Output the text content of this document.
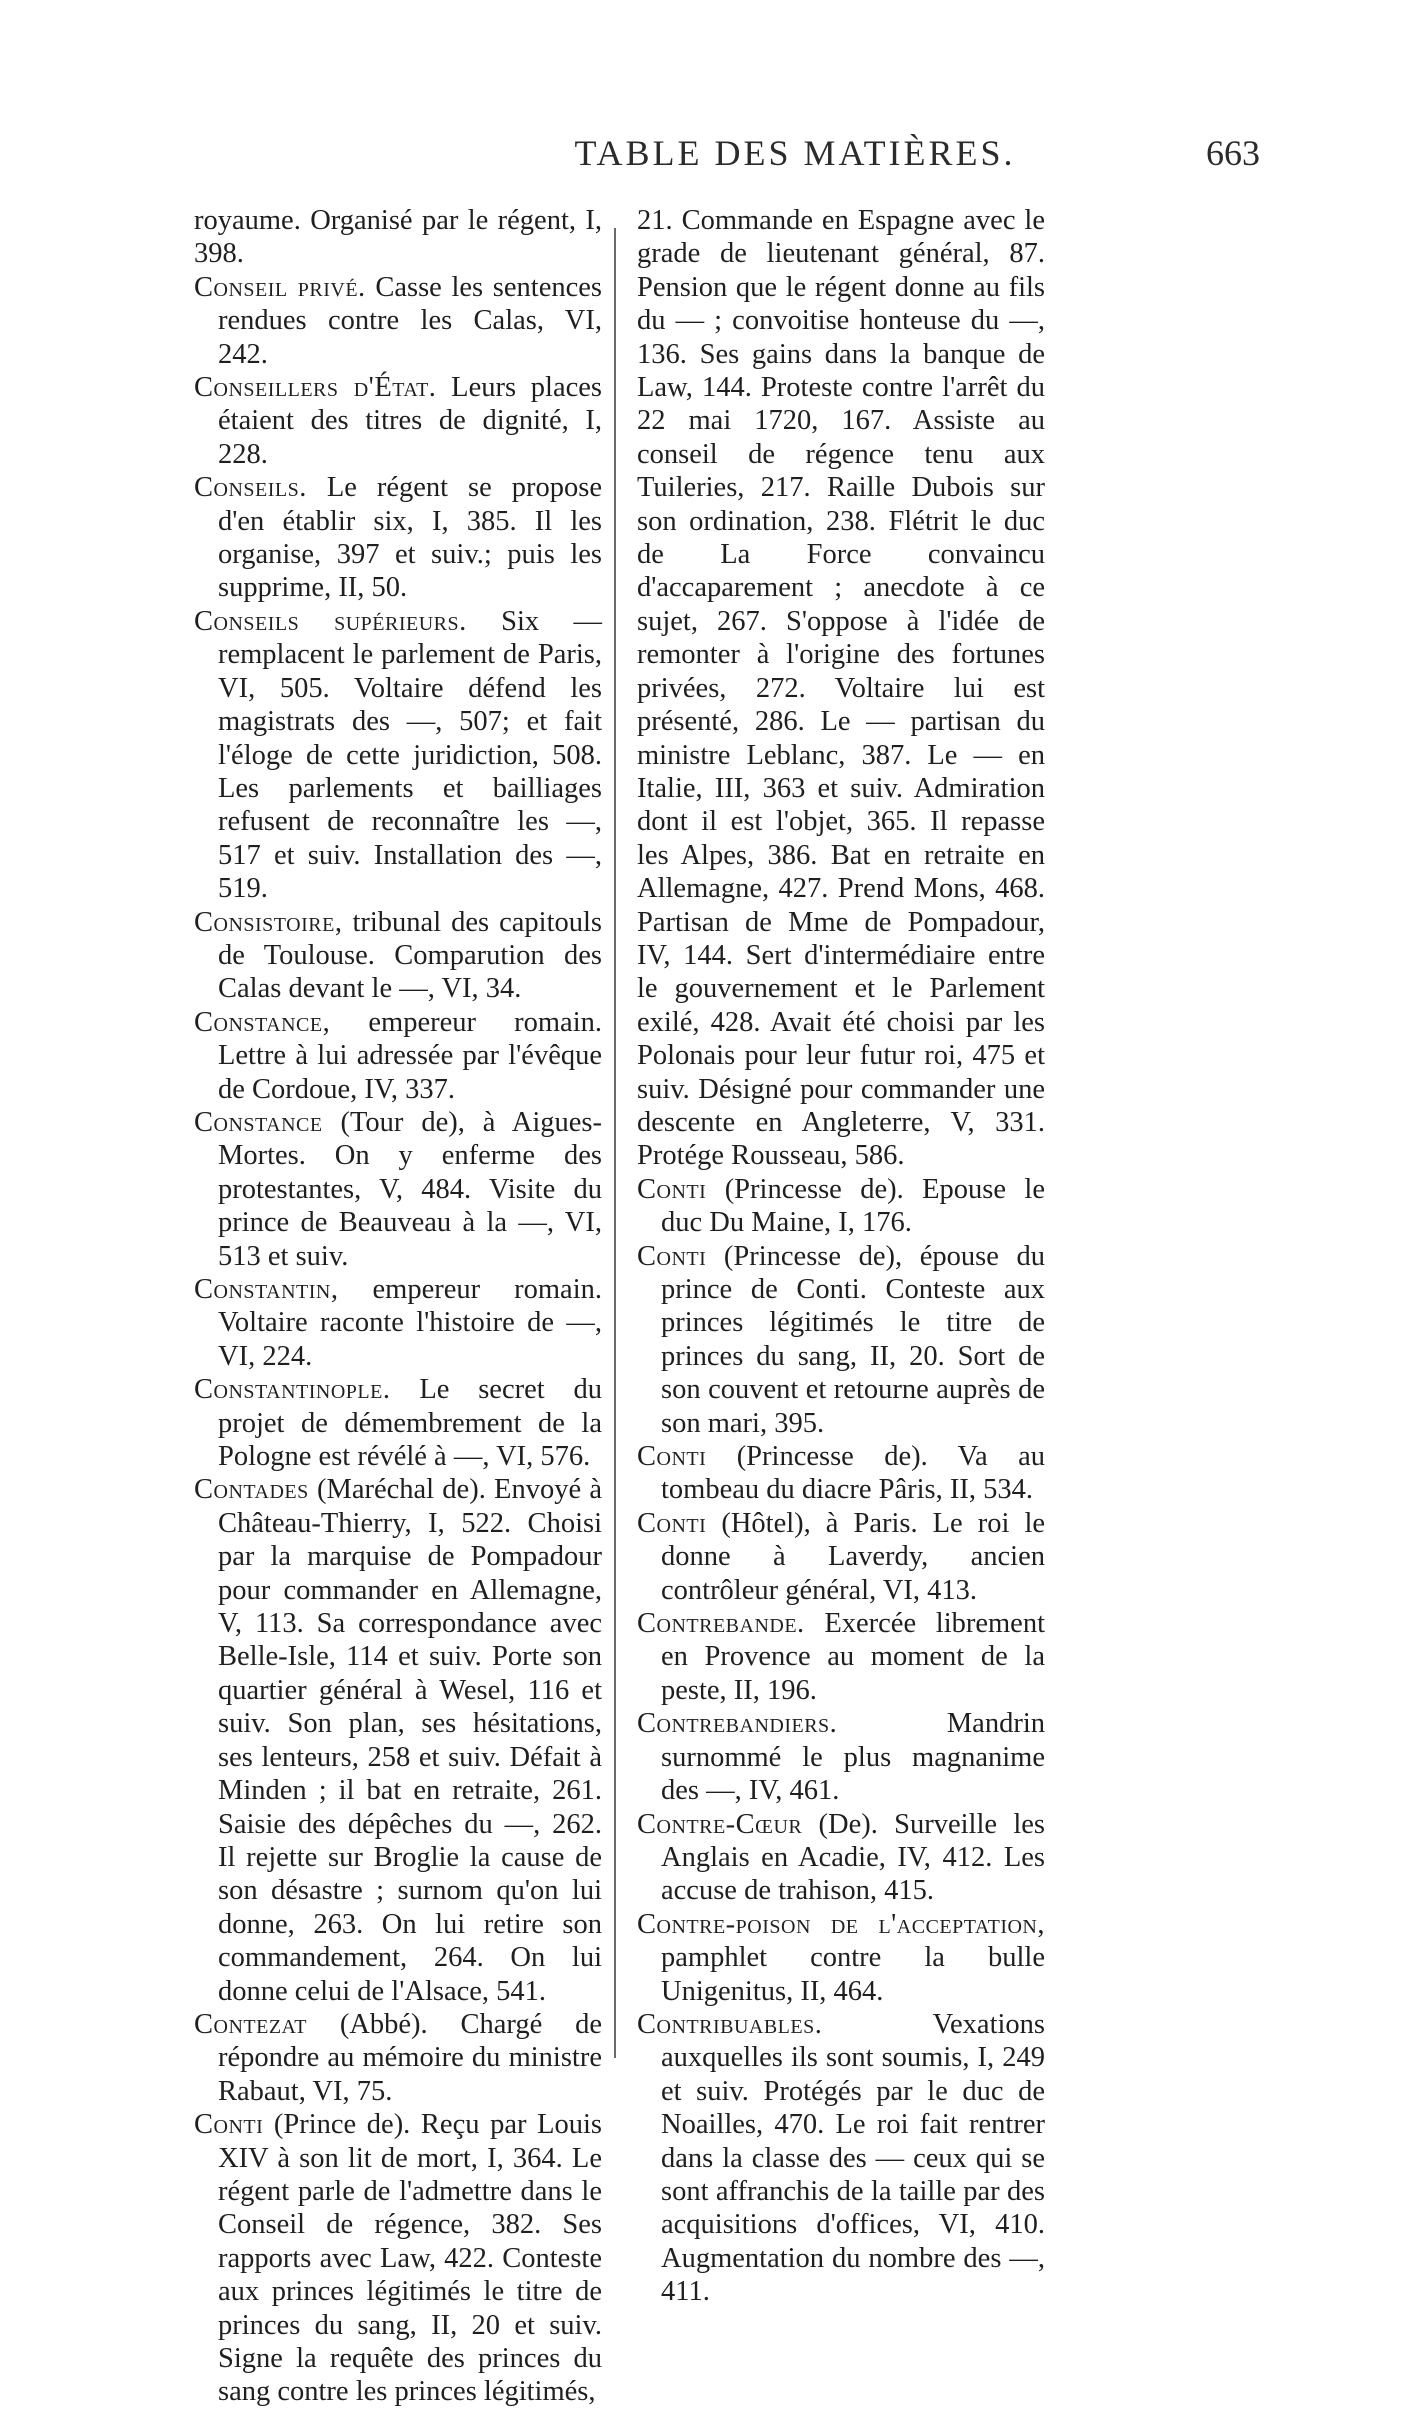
TABLE DES MATIÈRES.	663

royaume. Organisé par le régent, I, 398.

Conseil privé. Casse les sentences rendues contre les Calas, VI, 242.

Conseillers d'État. Leurs places étaient des titres de dignité, I, 228.

Conseils. Le régent se propose d'en établir six, I, 385. Il les organise, 397 et suiv.; puis les supprime, II, 50.

Conseils supérieurs. Six — remplacent le parlement de Paris, VI, 505. Voltaire défend les magistrats des —, 507; et fait l'éloge de cette juridiction, 508. Les parlements et bailliages refusent de reconnaître les —, 517 et suiv. Installation des —, 519.

Consistoire, tribunal des capitouls de Toulouse. Comparution des Calas devant le —, VI, 34.

Constance, empereur romain. Lettre à lui adressée par l'évêque de Cordoue, IV, 337.

Constance (Tour de), à Aigues-Mortes. On y enferme des protestantes, V, 484. Visite du prince de Beauveau à la —, VI, 513 et suiv.

Constantin, empereur romain. Voltaire raconte l'histoire de —, VI, 224.

Constantinople. Le secret du projet de démembrement de la Pologne est révélé à —, VI, 576.

Contades (Maréchal de). Envoyé à Château-Thierry, I, 522. Choisi par la marquise de Pompadour pour commander en Allemagne, V, 113. Sa correspondance avec Belle-Isle, 114 et suiv. Porte son quartier général à Wesel, 116 et suiv. Son plan, ses hésitations, ses lenteurs, 258 et suiv. Défait à Minden ; il bat en retraite, 261. Saisie des dépêches du —, 262. Il rejette sur Broglie la cause de son désastre ; surnom qu'on lui donne, 263. On lui retire son commandement, 264. On lui donne celui de l'Alsace, 541.

Contezat (Abbé). Chargé de répondre au mémoire du ministre Rabaut, VI, 75.

Conti (Prince de). Reçu par Louis XIV à son lit de mort, I, 364. Le régent parle de l'admettre dans le Conseil de régence, 382. Ses rapports avec Law, 422. Conteste aux princes légitimés le titre de princes du sang, II, 20 et suiv. Signe la requête des princes du sang contre les princes légitimés,

21. Commande en Espagne avec le grade de lieutenant général, 87. Pension que le régent donne au fils du — ; convoitise honteuse du —, 136. Ses gains dans la banque de Law, 144. Proteste contre l'arrêt du 22 mai 1720, 167. Assiste au conseil de régence tenu aux Tuileries, 217. Raille Dubois sur son ordination, 238. Flétrit le duc de La Force convaincu d'accaparement ; anecdote à ce sujet, 267. S'oppose à l'idée de remonter à l'origine des fortunes privées, 272. Voltaire lui est présenté, 286. Le — partisan du ministre Leblanc, 387. Le — en Italie, III, 363 et suiv. Admiration dont il est l'objet, 365. Il repasse les Alpes, 386. Bat en retraite en Allemagne, 427. Prend Mons, 468. Partisan de Mme de Pompadour, IV, 144. Sert d'intermédiaire entre le gouvernement et le Parlement exilé, 428. Avait été choisi par les Polonais pour leur futur roi, 475 et suiv. Désigné pour commander une descente en Angleterre, V, 331. Protége Rousseau, 586.

Conti (Princesse de). Epouse le duc Du Maine, I, 176.

Conti (Princesse de), épouse du prince de Conti. Conteste aux princes légitimés le titre de princes du sang, II, 20. Sort de son couvent et retourne auprès de son mari, 395.

Conti (Princesse de). Va au tombeau du diacre Pâris, II, 534.

Conti (Hôtel), à Paris. Le roi le donne à Laverdy, ancien contrôleur général, VI, 413.

Contrebande. Exercée librement en Provence au moment de la peste, II, 196.

Contrebandiers.	Mandrin surnommé le plus magnanime des —, IV, 461.

Contre-Cœur (De). Surveille les Anglais en Acadie, IV, 412. Les accuse de trahison, 415.

Contre-poison de l'acceptation, pamphlet contre la bulle Unigenitus, II, 464.

Contribuables.	Vexations auxquelles ils sont soumis, I, 249 et suiv. Protégés par le duc de Noailles, 470. Le roi fait rentrer dans la classe des — ceux qui se sont affranchis de la taille par des acquisitions d'offices, VI, 410. Augmentation du nombre des —, 411.
